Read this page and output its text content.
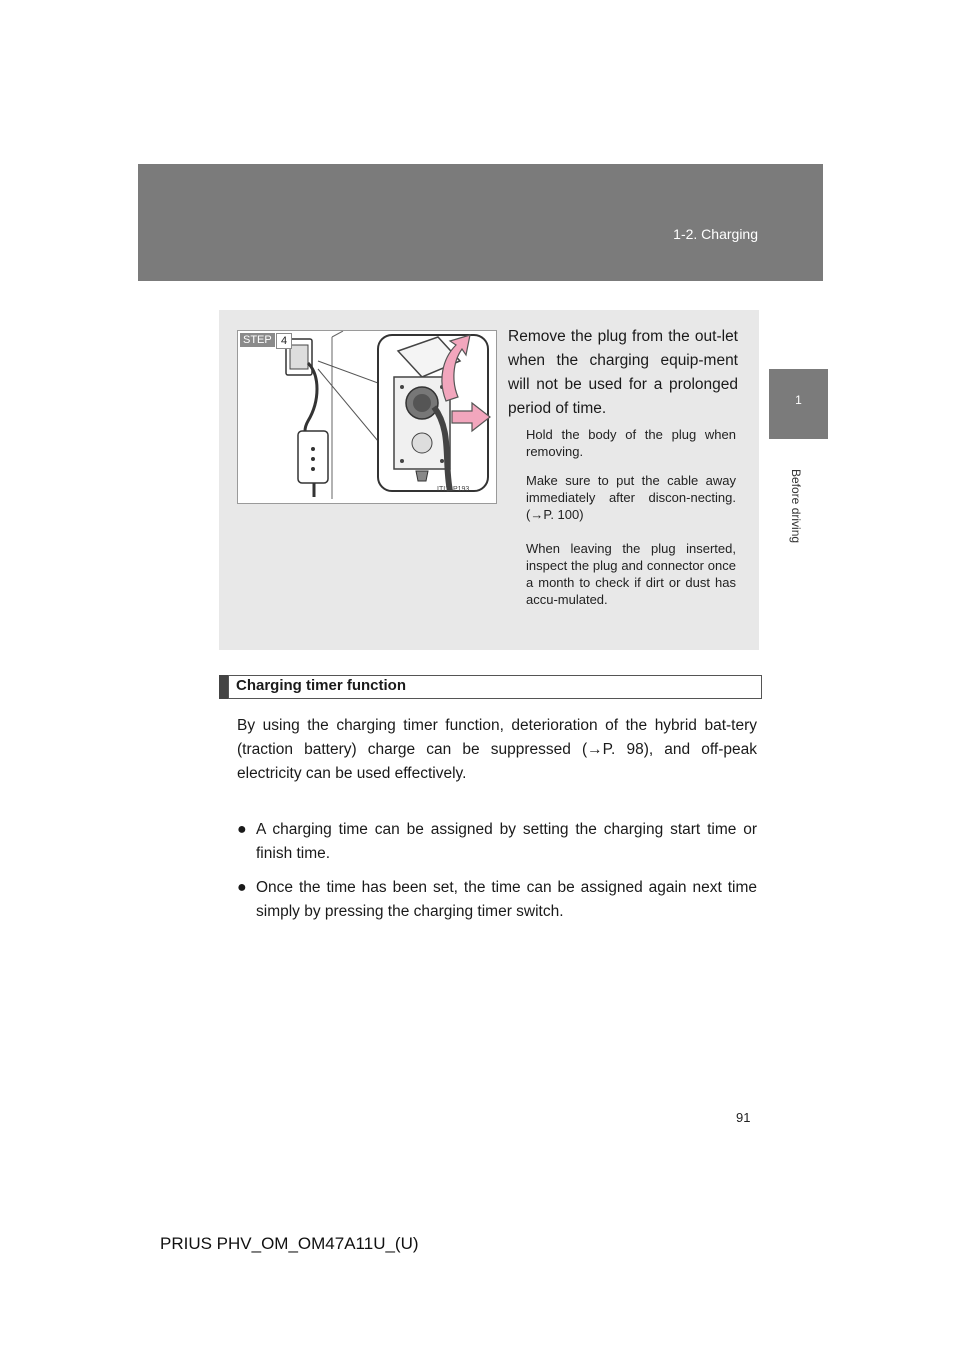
1-2. Charging
1
Before driving
STEP 4
ITI12P193
Remove the plug from the out-let when the charging equip-ment will not be used for a prolonged period of time.
Hold the body of the plug when removing.
Make sure to put the cable away immediately after discon-necting. (→P. 100)
When leaving the plug inserted, inspect the plug and connector once a month to check if dirt or dust has accu-mulated.
Charging timer function
By using the charging timer function, deterioration of the hybrid bat-tery (traction battery) charge can be suppressed (→P. 98), and off-peak electricity can be used effectively.
● A charging time can be assigned by setting the charging start time or finish time.
● Once the time has been set, the time can be assigned again next time simply by pressing the charging timer switch.
91
PRIUS PHV_OM_OM47A11U_(U)
